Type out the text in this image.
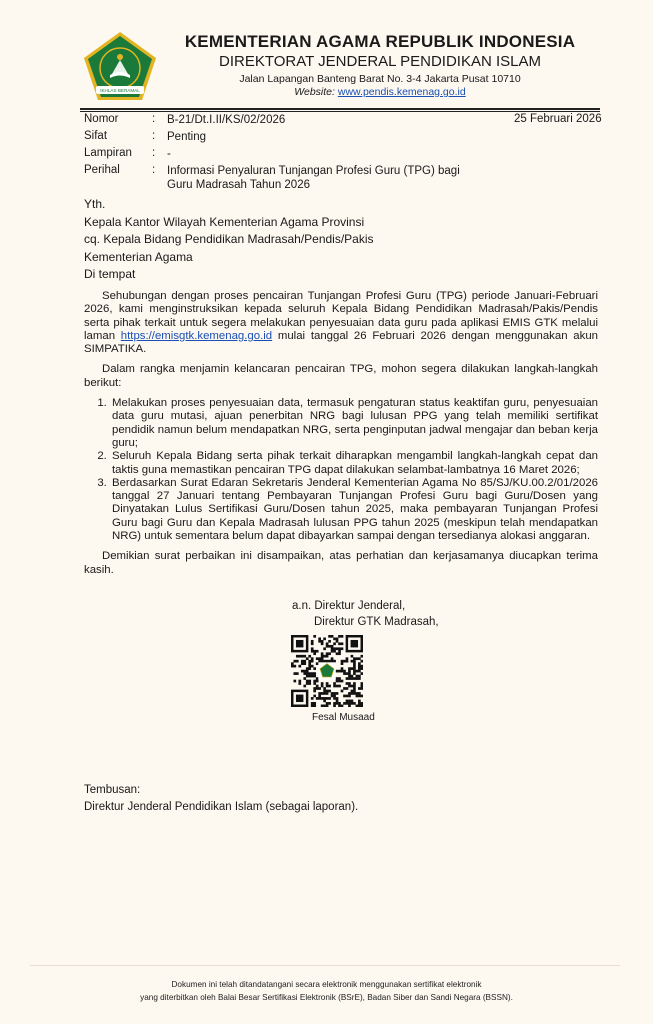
IKHLAS BERAMAL
KEMENTERIAN AGAMA REPUBLIK INDONESIA
DIREKTORAT JENDERAL PENDIDIKAN ISLAM
Jalan Lapangan Banteng Barat No. 3-4 Jakarta Pusat 10710
Website: www.pendis.kemenag.go.id
Nomor	: B-21/Dt.I.II/KS/02/2026	25 Februari 2026
Sifat	: Penting
Lampiran : -
Perihal	: Informasi Penyaluran Tunjangan Profesi Guru (TPG) bagi
Guru Madrasah Tahun 2026
Yth.
Kepala Kantor Wilayah Kementerian Agama Provinsi
cq. Kepala Bidang Pendidikan Madrasah/Pendis/Pakis
Kementerian Agama
Di tempat

Sehubungan dengan proses pencairan Tunjangan Profesi Guru (TPG) periode Januari-Februari 2026, kami menginstruksikan kepada seluruh Kepala Bidang Pendidikan Madrasah/Pakis/Pendis serta pihak terkait untuk segera melakukan penyesuaian data guru pada aplikasi EMIS GTK melalui laman https://emisgtk.kemenag.go.id mulai tanggal 26 Februari 2026 dengan menggunakan akun SIMPATIKA.

Dalam rangka menjamin kelancaran pencairan TPG, mohon segera dilakukan langkah-langkah berikut:

1. Melakukan proses penyesuaian data, termasuk pengaturan status keaktifan guru, penyesuaian data guru mutasi, ajuan penerbitan NRG bagi lulusan PPG yang telah memiliki sertifikat pendidik namun belum mendapatkan NRG, serta penginputan jadwal mengajar dan beban kerja guru;
2. Seluruh Kepala Bidang serta pihak terkait diharapkan mengambil langkah-langkah cepat dan taktis guna memastikan pencairan TPG dapat dilakukan selambat-lambatnya 16 Maret 2026;
3. Berdasarkan Surat Edaran Sekretaris Jenderal Kementerian Agama No 85/SJ/KU.00.2/01/2026 tanggal 27 Januari tentang Pembayaran Tunjangan Profesi Guru bagi Guru/Dosen yang Dinyatakan Lulus Sertifikasi Guru/Dosen tahun 2025, maka pembayaran Tunjangan Profesi Guru bagi Guru dan Kepala Madrasah lulusan PPG tahun 2025 (meskipun telah mendapatkan NRG) untuk sementara belum dapat dibayarkan sampai dengan tersedianya alokasi anggaran.

Demikian surat perbaikan ini disampaikan, atas perhatian dan kerjasamanya diucapkan terima kasih.

a.n. Direktur Jenderal,
Direktur GTK Madrasah,
Fesal Musaad
Tembusan:
Direktur Jenderal Pendidikan Islam (sebagai laporan).
Dokumen ini telah ditandatangani secara elektronik menggunakan sertifikat elektronik
yang diterbitkan oleh Balai Besar Sertifikasi Elektronik (BSrE), Badan Siber dan Sandi Negara (BSSN).
